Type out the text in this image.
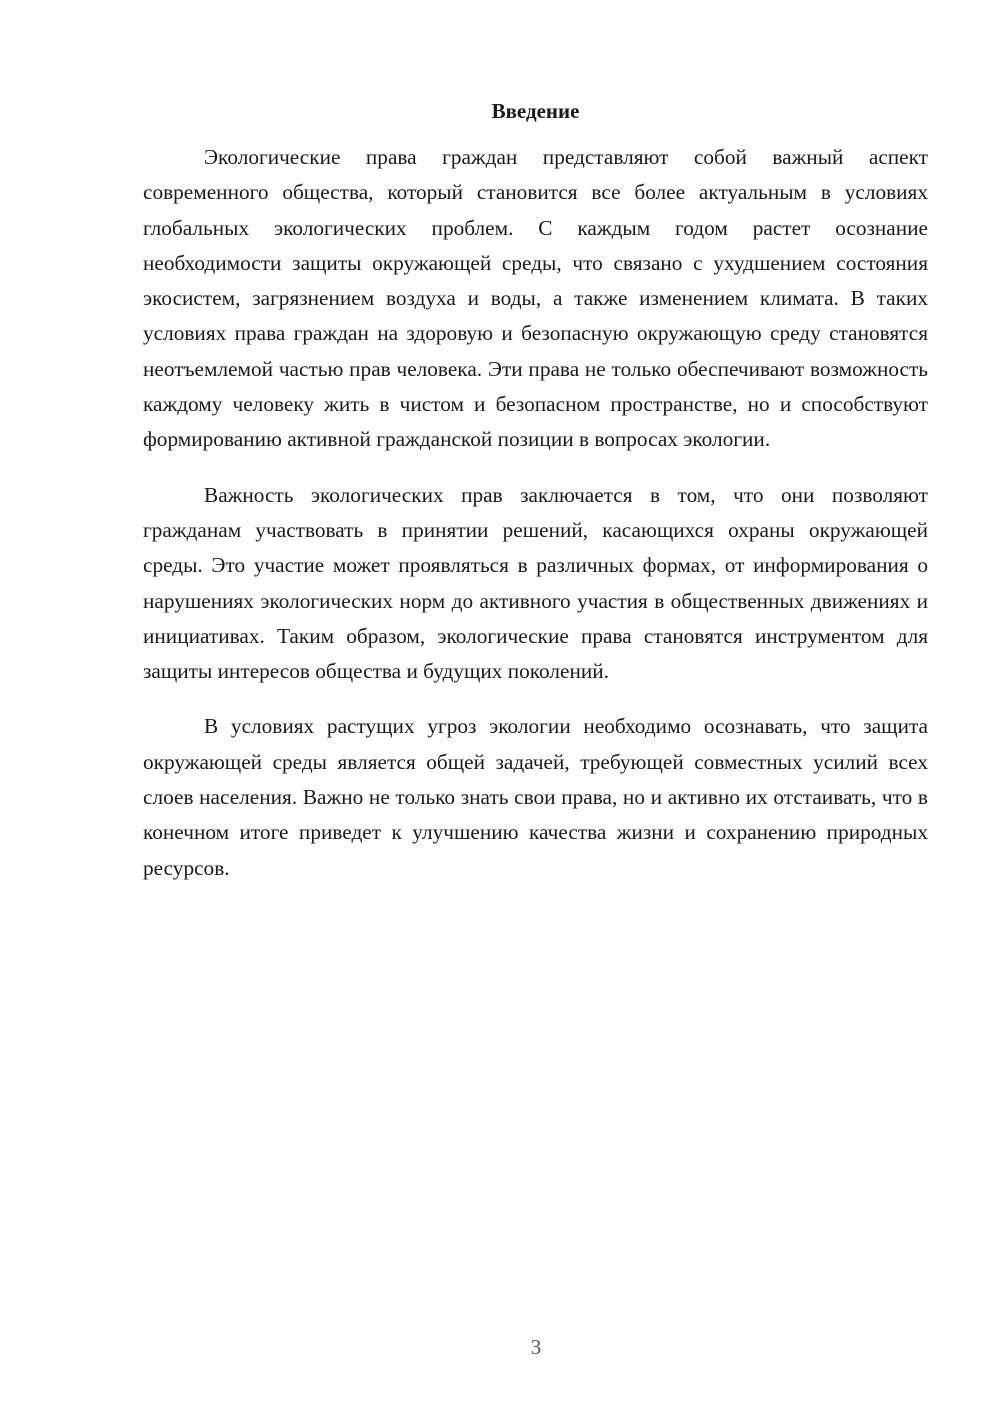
Введение

Экологические права граждан представляют собой важный аспект современного общества, который становится все более актуальным в условиях глобальных экологических проблем. С каждым годом растет осознание необходимости защиты окружающей среды, что связано с ухудшением состояния экосистем, загрязнением воздуха и воды, а также изменением климата. В таких условиях права граждан на здоровую и безопасную окружающую среду становятся неотъемлемой частью прав человека. Эти права не только обеспечивают возможность каждому человеку жить в чистом и безопасном пространстве, но и способствуют формированию активной гражданской позиции в вопросах экологии.

Важность экологических прав заключается в том, что они позволяют гражданам участвовать в принятии решений, касающихся охраны окружающей среды. Это участие может проявляться в различных формах, от информирования о нарушениях экологических норм до активного участия в общественных движениях и инициативах. Таким образом, экологические права становятся инструментом для защиты интересов общества и будущих поколений.

В условиях растущих угроз экологии необходимо осознавать, что защита окружающей среды является общей задачей, требующей совместных усилий всех слоев населения. Важно не только знать свои права, но и активно их отстаивать, что в конечном итоге приведет к улучшению качества жизни и сохранению природных ресурсов.

3
